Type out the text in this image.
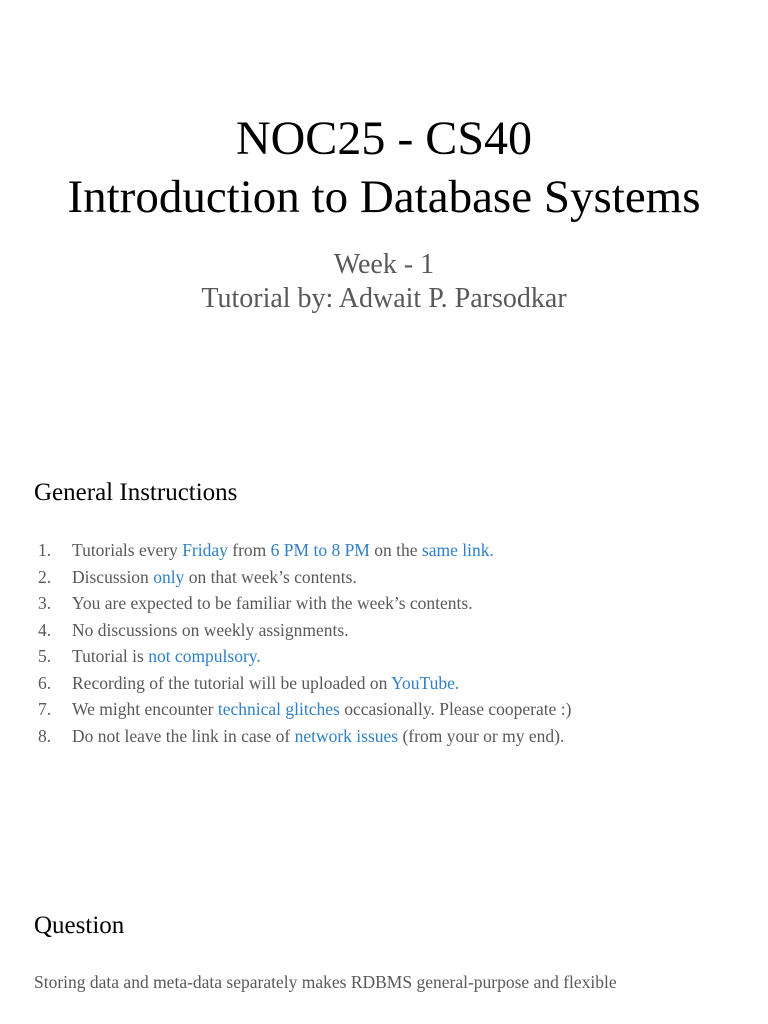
NOC25 - CS40
Introduction to Database Systems
Week - 1
Tutorial by: Adwait P. Parsodkar
General Instructions
1. Tutorials every Friday from 6 PM to 8 PM on the same link.
2. Discussion only on that week’s contents.
3. You are expected to be familiar with the week’s contents.
4. No discussions on weekly assignments.
5. Tutorial is not compulsory.
6. Recording of the tutorial will be uploaded on YouTube.
7. We might encounter technical glitches occasionally. Please cooperate :)
8. Do not leave the link in case of network issues (from your or my end).
Question
Storing data and meta-data separately makes RDBMS general-purpose and flexible
